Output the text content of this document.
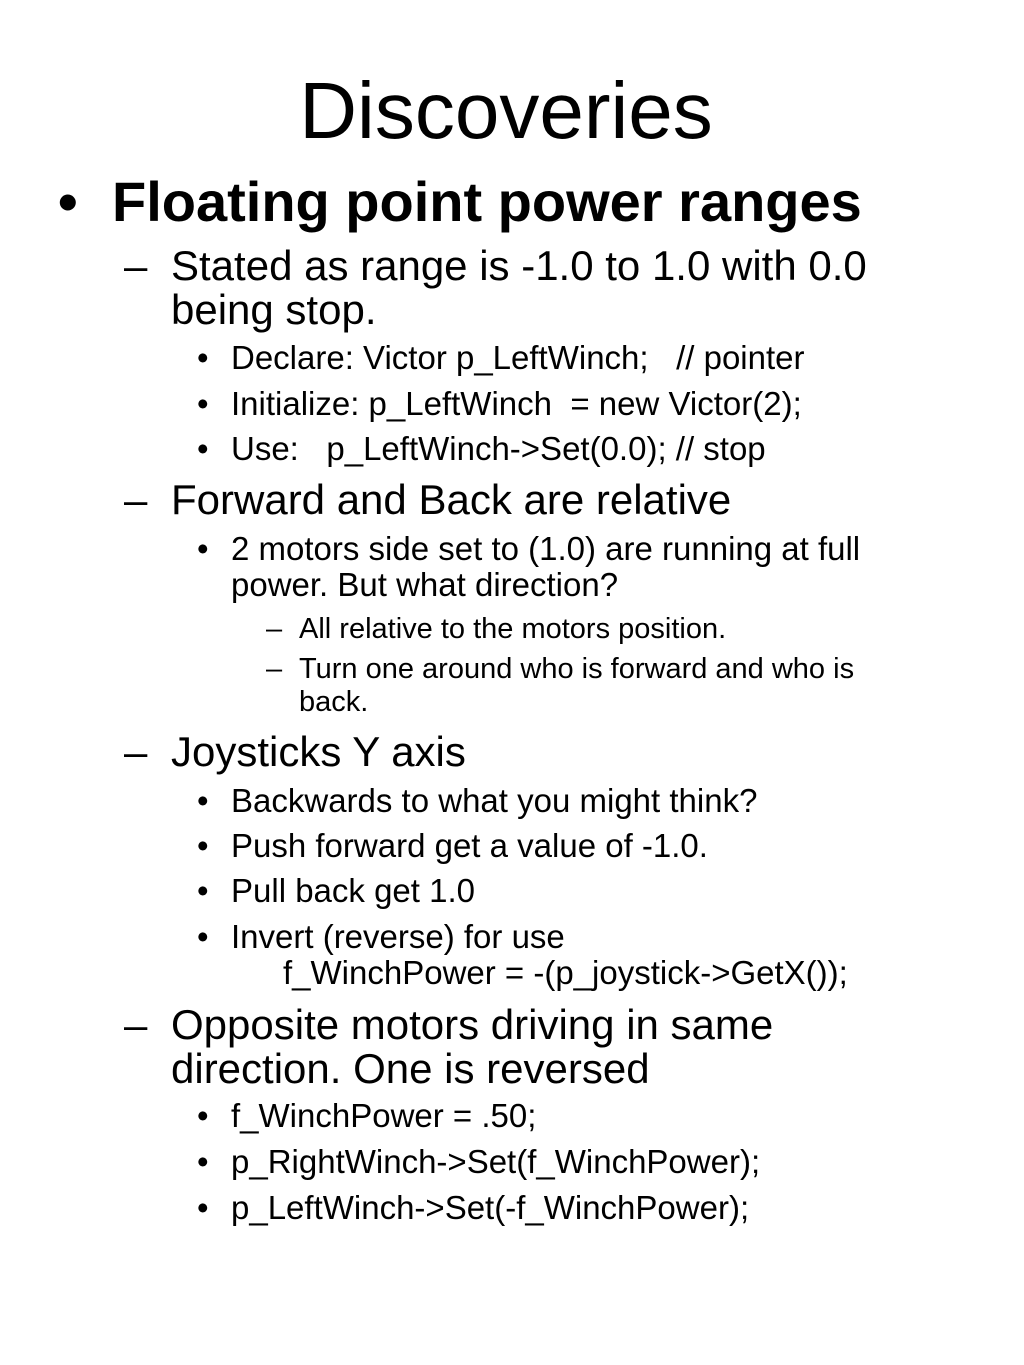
Discoveries
• Floating point power ranges
– Stated as range is -1.0 to 1.0 with 0.0
being stop.
• Declare: Victor p_LeftWinch;   // pointer
• Initialize: p_LeftWinch  = new Victor(2);
• Use:   p_LeftWinch->Set(0.0); // stop
– Forward and Back are relative
• 2 motors side set to (1.0) are running at full
power. But what direction?
– All relative to the motors position.
– Turn one around who is forward and who is
back.
– Joysticks Y axis
• Backwards to what you might think?
• Push forward get a value of -1.0.
• Pull back get 1.0
• Invert (reverse) for use
f_WinchPower = -(p_joystick->GetX());
– Opposite motors driving in same
direction. One is reversed
• f_WinchPower = .50;
• p_RightWinch->Set(f_WinchPower);
• p_LeftWinch->Set(-f_WinchPower);
